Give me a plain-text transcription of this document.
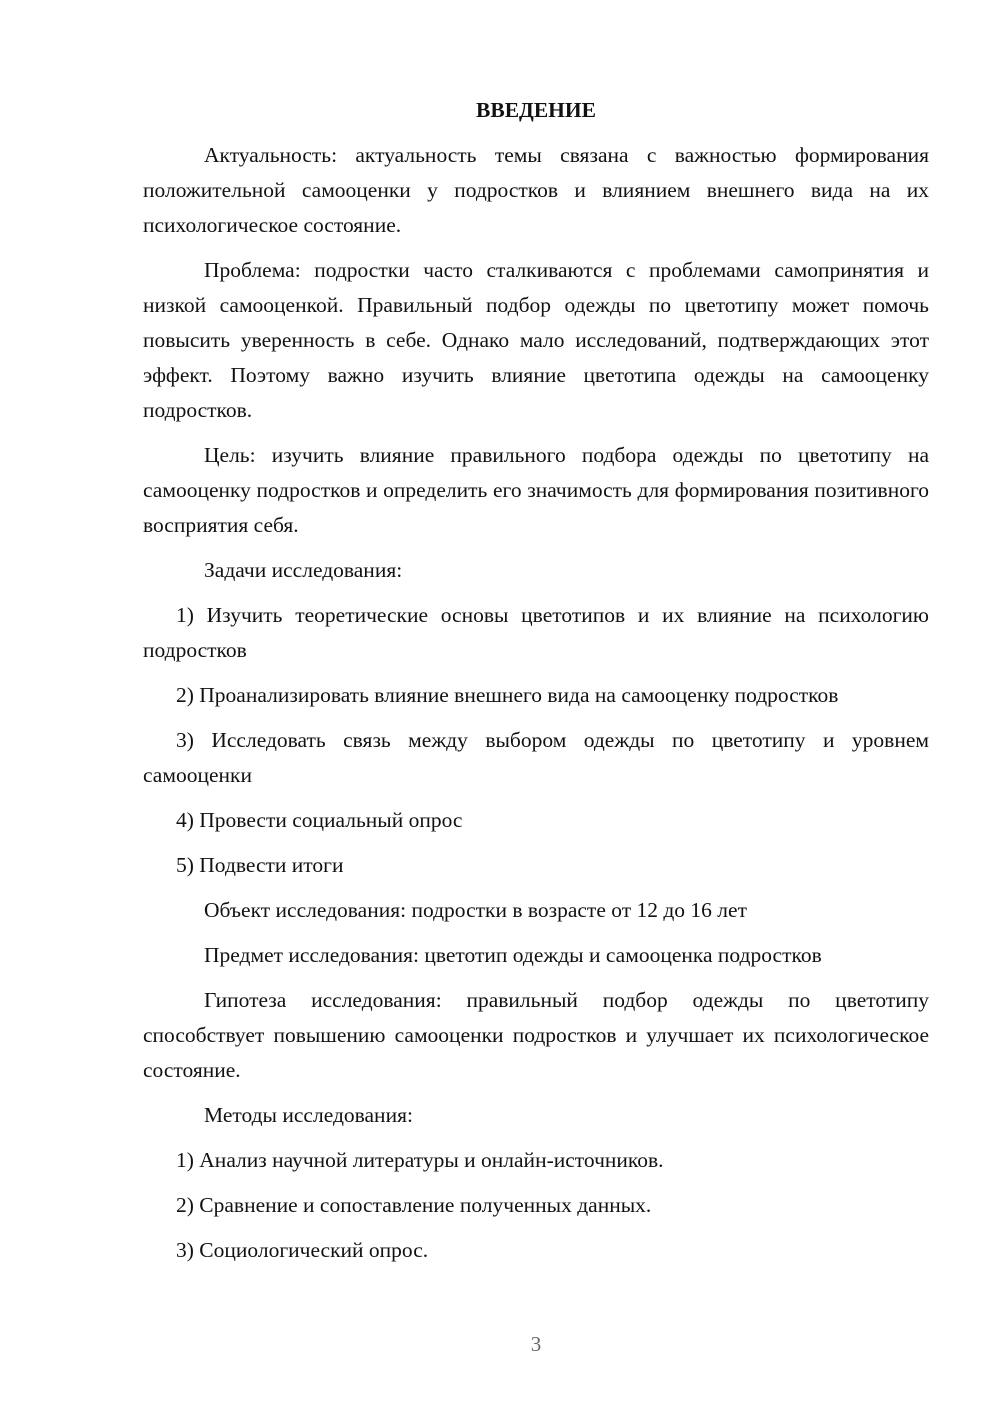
ВВЕДЕНИЕ

Актуальность: актуальность темы связана с важностью формирования положительной самооценки у подростков и влиянием внешнего вида на их психологическое состояние.

Проблема: подростки часто сталкиваются с проблемами самопринятия и низкой самооценкой. Правильный подбор одежды по цветотипу может помочь повысить уверенность в себе. Однако мало исследований, подтверждающих этот эффект. Поэтому важно изучить влияние цветотипа одежды на самооценку подростков.

Цель: изучить влияние правильного подбора одежды по цветотипу на самооценку подростков и определить его значимость для формирования позитивного восприятия себя.

Задачи исследования:

1) Изучить теоретические основы цветотипов и их влияние на психологию подростков

2) Проанализировать влияние внешнего вида на самооценку подростков

3) Исследовать связь между выбором одежды по цветотипу и уровнем самооценки

4) Провести социальный опрос

5) Подвести итоги

Объект исследования: подростки в возрасте от 12 до 16 лет

Предмет исследования: цветотип одежды и самооценка подростков

Гипотеза исследования: правильный подбор одежды по цветотипу способствует повышению самооценки подростков и улучшает их психологическое состояние.

Методы исследования:

1) Анализ научной литературы и онлайн-источников.

2) Сравнение и сопоставление полученных данных.

3) Социологический опрос.

3
